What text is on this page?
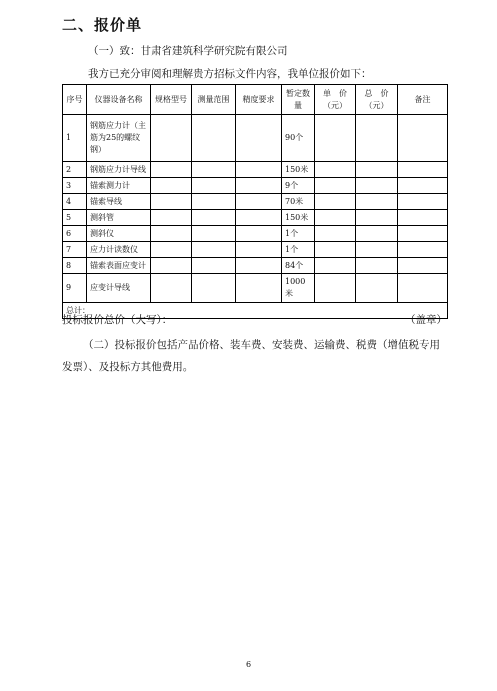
二、报价单
（一）致：甘肃省建筑科学研究院有限公司
我方已充分审阅和理解贵方招标文件内容，我单位报价如下：
序号	仪器设备名称	规格型号	测量范围	精度要求	暂定数量	单　价（元）	总　价（元）	备注
1	钢筋应力计（主筋为25的螺纹钢）				90个			
2	钢筋应力计导线				150米			
3	锚索测力计				9个			
4	锚索导线				70米			
5	测斜管				150米			
6	测斜仪				1个			
7	应力计读数仪				1个			
8	锚索表面应变计				84个			
9	应变计导线				1000米			
总计：								
投标报价总价（大写）：	（盖章）
（二）投标报价包括产品价格、装车费、安装费、运输费、税费（增值税专用发票）、及投标方其他费用。
6
